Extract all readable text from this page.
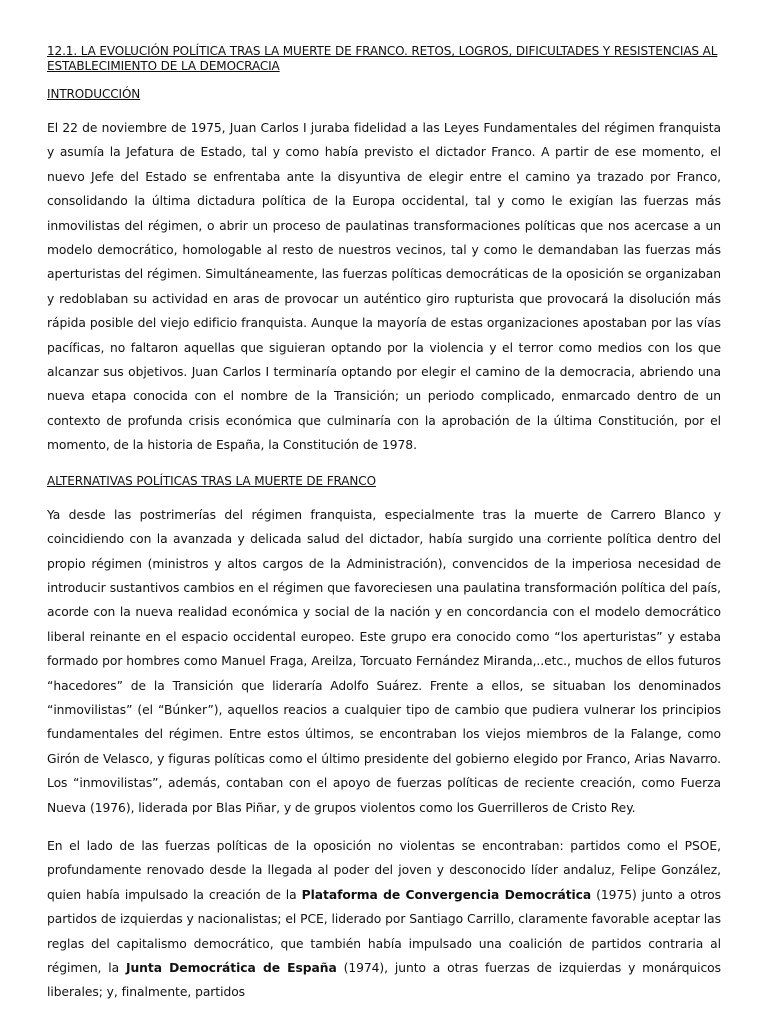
12.1. LA EVOLUCIÓN POLÍTICA TRAS LA MUERTE DE FRANCO. RETOS, LOGROS, DIFICULTADES Y RESISTENCIAS AL ESTABLECIMIENTO DE LA DEMOCRACIA

INTRODUCCIÓN

El 22 de noviembre de 1975, Juan Carlos I juraba fidelidad a las Leyes Fundamentales del régimen franquista y asumía la Jefatura de Estado, tal y como había previsto el dictador Franco. A partir de ese momento, el nuevo Jefe del Estado se enfrentaba ante la disyuntiva de elegir entre el camino ya trazado por Franco, consolidando la última dictadura política de la Europa occidental, tal y como le exigían las fuerzas más inmovilistas del régimen, o abrir un proceso de paulatinas transformaciones políticas que nos acercase a un modelo democrático, homologable al resto de nuestros vecinos, tal y como le demandaban las fuerzas más aperturistas del régimen. Simultáneamente, las fuerzas políticas democráticas de la oposición se organizaban y redoblaban su actividad en aras de provocar un auténtico giro rupturista que provocará la disolución más rápida posible del viejo edificio franquista. Aunque la mayoría de estas organizaciones apostaban por las vías pacíficas, no faltaron aquellas que siguieran optando por la violencia y el terror como medios con los que alcanzar sus objetivos. Juan Carlos I terminaría optando por elegir el camino de la democracia, abriendo una nueva etapa conocida con el nombre de la Transición; un periodo complicado, enmarcado dentro de un contexto de profunda crisis económica que culminaría con la aprobación de la última Constitución, por el momento, de la historia de España, la Constitución de 1978.

ALTERNATIVAS POLÍTICAS TRAS LA MUERTE DE FRANCO

Ya desde las postrimerías del régimen franquista, especialmente tras la muerte de Carrero Blanco y coincidiendo con la avanzada y delicada salud del dictador, había surgido una corriente política dentro del propio régimen (ministros y altos cargos de la Administración), convencidos de la imperiosa necesidad de introducir sustantivos cambios en el régimen que favoreciesen una paulatina transformación política del país, acorde con la nueva realidad económica y social de la nación y en concordancia con el modelo democrático liberal reinante en el espacio occidental europeo. Este grupo era conocido como “los aperturistas” y estaba formado por hombres como Manuel Fraga, Areilza, Torcuato Fernández Miranda,..etc., muchos de ellos futuros “hacedores” de la Transición que lideraría Adolfo Suárez. Frente a ellos, se situaban los denominados “inmovilistas” (el “Búnker”), aquellos reacios a cualquier tipo de cambio que pudiera vulnerar los principios fundamentales del régimen. Entre estos últimos, se encontraban los viejos miembros de la Falange, como Girón de Velasco, y figuras políticas como el último presidente del gobierno elegido por Franco, Arias Navarro. Los “inmovilistas”, además, contaban con el apoyo de fuerzas políticas de reciente creación, como Fuerza Nueva (1976), liderada por Blas Piñar, y de grupos violentos como los Guerrilleros de Cristo Rey.

En el lado de las fuerzas políticas de la oposición no violentas se encontraban: partidos como el PSOE, profundamente renovado desde la llegada al poder del joven y desconocido líder andaluz, Felipe González, quien había impulsado la creación de la Plataforma de Convergencia Democrática (1975) junto a otros partidos de izquierdas y nacionalistas; el PCE, liderado por Santiago Carrillo, claramente favorable aceptar las reglas del capitalismo democrático, que también había impulsado una coalición de partidos contraria al régimen, la Junta Democrática de España (1974), junto a otras fuerzas de izquierdas y monárquicos liberales; y, finalmente, partidos
